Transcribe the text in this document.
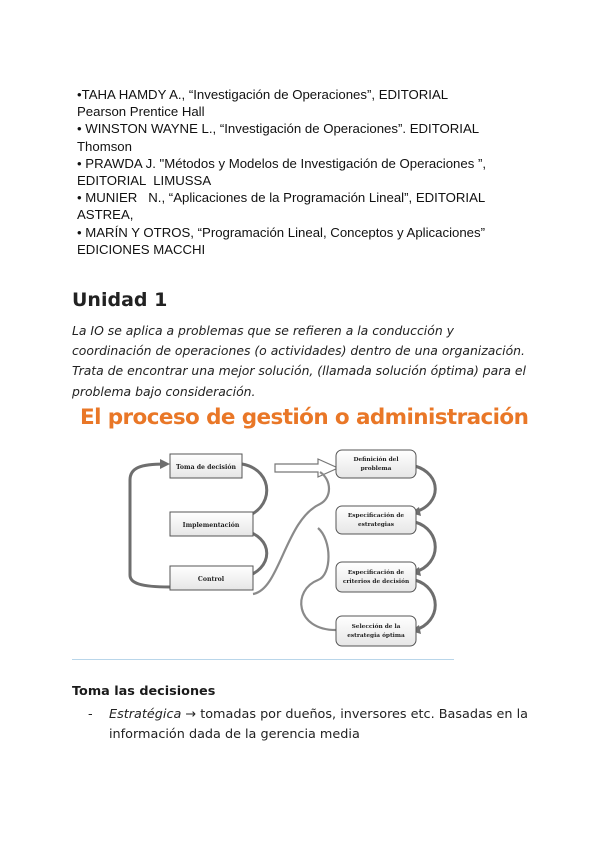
•TAHA HAMDY A., “Investigación de Operaciones”, EDITORIAL
Pearson Prentice Hall
• WINSTON WAYNE L., “Investigación de Operaciones”. EDITORIAL
Thomson
• PRAWDA J. "Métodos y Modelos de Investigación de Operaciones ”,
EDITORIAL  LIMUSSA
• MUNIER   N., “Aplicaciones de la Programación Lineal”, EDITORIAL
ASTREA,
• MARÍN Y OTROS, “Programación Lineal, Conceptos y Aplicaciones”
EDICIONES MACCHI
Unidad 1
La IO se aplica a problemas que se refieren a la conducción y
coordinación de operaciones (o actividades) dentro de una organización.
Trata de encontrar una mejor solución, (llamada solución óptima) para el
problema bajo consideración.
El proceso de gestión o administración
Toma de decisión
Implementación
Control
Definición del
problema
Especificación de
estrategias
Especificación de
criterios de decisión
Selección de la
estrategia óptima
Toma las decisiones
- Estratégica → tomadas por dueños, inversores etc. Basadas en la información dada de la gerencia media
